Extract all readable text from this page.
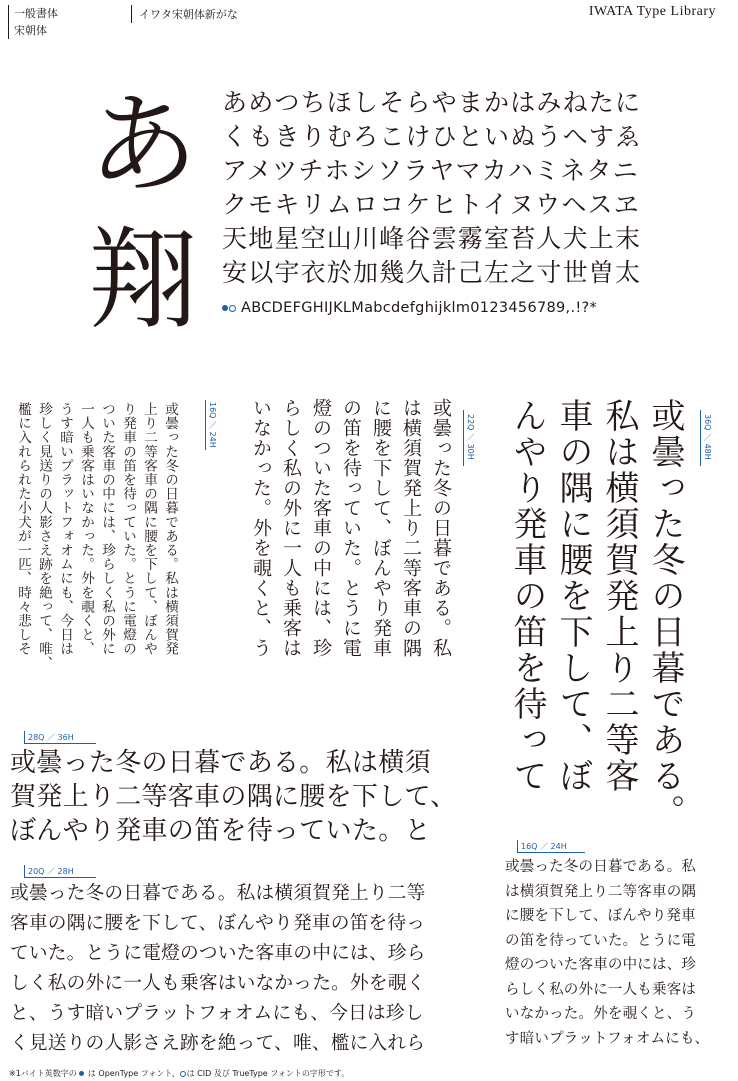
一般書体
宋朝体
イワタ宋朝体新がな	IWATA Type Library
あ
翔
あめつちほしそらやまかはみねたに
くもきりむろこけひといぬうへすゑ
アメツチホシソラヤマカハミネタニ
クモキリムロコケヒトイヌウヘスヱ
天地星空山川峰谷雲霧室苔人犬上末
安以宇衣於加幾久計己左之寸世曽太
ABCDEFGHIJKLMabcdefghijklm0123456789,.!?*
或曇った冬の日暮である。私は横須賀発
上り二等客車の隅に腰を下して、ぼんや
り発車の笛を待っていた。とうに電燈の
ついた客車の中には、珍らしく私の外に
一人も乗客はいなかった。外を覗くと、
うす暗いプラットフォオムにも、今日は
珍しく見送りの人影さえ跡を絶って、唯、
檻に入れられた小犬が一匹、時々悲しそ	16Q ／ 24H	或曇った冬の日暮である。私
は横須賀発上り二等客車の隅
に腰を下して、ぼんやり発車
の笛を待っていた。とうに電
燈のついた客車の中には、珍
らしく私の外に一人も乗客は
いなかった。外を覗くと、う	22Q ／ 30H	或曇った冬の日暮である。
私は横須賀発上り二等客
車の隅に腰を下して、ぼ
んやり発車の笛を待って	36Q ／ 48H
28Q ／ 36H
或曇った冬の日暮である。私は横須
賀発上り二等客車の隅に腰を下して、
ぼんやり発車の笛を待っていた。と
20Q ／ 28H
或曇った冬の日暮である。私は横須賀発上り二等
客車の隅に腰を下して、ぼんやり発車の笛を待っ
ていた。とうに電燈のついた客車の中には、珍ら
しく私の外に一人も乗客はいなかった。外を覗く
と、うす暗いプラットフォオムにも、今日は珍し
く見送りの人影さえ跡を絶って、唯、檻に入れら
16Q ／ 24H
或曇った冬の日暮である。私
は横須賀発上り二等客車の隅
に腰を下して、ぼんやり発車
の笛を待っていた。とうに電
燈のついた客車の中には、珍
らしく私の外に一人も乗客は
いなかった。外を覗くと、う
す暗いプラットフォオムにも、
※1バイト英数字の は OpenType フォント、 は CID 及び TrueType フォントの字形です。
